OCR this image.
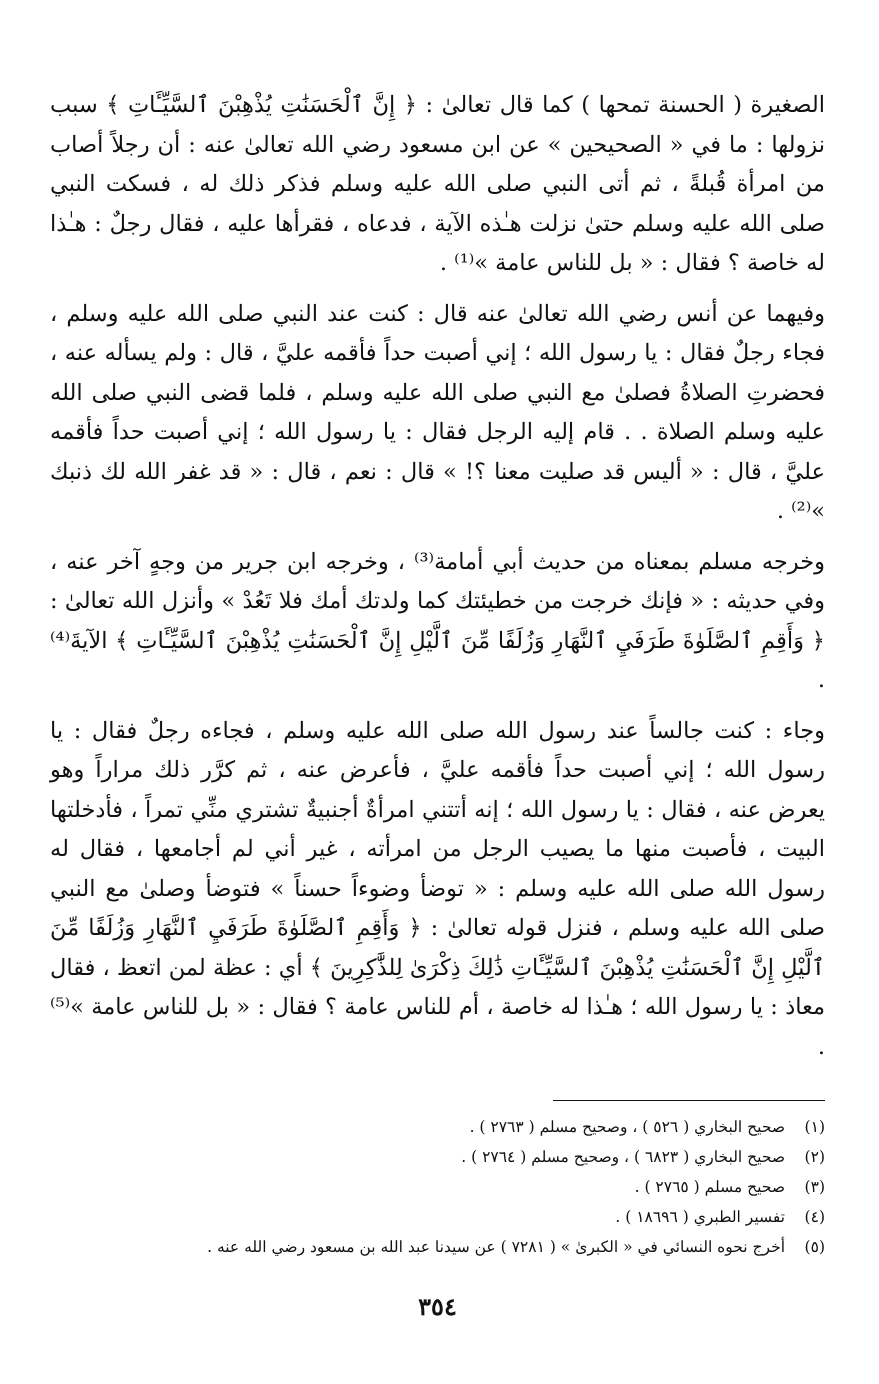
الصغيرة ( الحسنة تمحها ) كما قال تعالىٰ : ﴿ إِنَّ ٱلْحَسَنَٰتِ يُذْهِبْنَ ٱلسَّيِّـَٔاتِ ﴾ سبب نزولها : ما في « الصحيحين » عن ابن مسعود رضي الله تعالىٰ عنه : أن رجلاً أصاب من امرأة قُبلةً ، ثم أتى النبي صلى الله عليه وسلم فذكر ذلك له ، فسكت النبي صلى الله عليه وسلم حتىٰ نزلت هـٰذه الآية ، فدعاه ، فقرأها عليه ، فقال رجلٌ : هـٰذا له خاصة ؟ فقال : « بل للناس عامة »⁽¹⁾ .

وفيهما عن أنس رضي الله تعالىٰ عنه قال : كنت عند النبي صلى الله عليه وسلم ، فجاء رجلٌ فقال : يا رسول الله ؛ إني أصبت حداً فأقمه عليَّ ، قال : ولم يسأله عنه ، فحضرتِ الصلاةُ فصلىٰ مع النبي صلى الله عليه وسلم ، فلما قضى النبي صلى الله عليه وسلم الصلاة . . قام إليه الرجل فقال : يا رسول الله ؛ إني أصبت حداً فأقمه عليَّ ، قال : « أليس قد صليت معنا ؟! » قال : نعم ، قال : « قد غفر الله لك ذنبك »⁽²⁾ .

وخرجه مسلم بمعناه من حديث أبي أمامة⁽³⁾ ، وخرجه ابن جرير من وجهٍ آخر عنه ، وفي حديثه : « فإنك خرجت من خطيئتك كما ولدتك أمك فلا تَعُدْ » وأنزل الله تعالىٰ : ﴿ وَأَقِمِ ٱلصَّلَوٰةَ طَرَفَيِ ٱلنَّهَارِ وَزُلَفًا مِّنَ ٱلَّيْلِ إِنَّ ٱلْحَسَنَٰتِ يُذْهِبْنَ ٱلسَّيِّـَٔاتِ ﴾ الآيةَ⁽⁴⁾ .

وجاء : كنت جالساً عند رسول الله صلى الله عليه وسلم ، فجاءه رجلٌ فقال : يا رسول الله ؛ إني أصبت حداً فأقمه عليَّ ، فأعرض عنه ، ثم كرَّر ذلك مراراً وهو يعرض عنه ، فقال : يا رسول الله ؛ إنه أتتني امرأةٌ أجنبيةٌ تشتري منِّي تمراً ، فأدخلتها البيت ، فأصبت منها ما يصيب الرجل من امرأته ، غير أني لم أجامعها ، فقال له رسول الله صلى الله عليه وسلم : « توضأ وضوءاً حسناً » فتوضأ وصلىٰ مع النبي صلى الله عليه وسلم ، فنزل قوله تعالىٰ : ﴿ وَأَقِمِ ٱلصَّلَوٰةَ طَرَفَيِ ٱلنَّهَارِ وَزُلَفًا مِّنَ ٱلَّيْلِ إِنَّ ٱلْحَسَنَٰتِ يُذْهِبْنَ ٱلسَّيِّـَٔاتِ ذَٰلِكَ ذِكْرَىٰ لِلذَّٰكِرِينَ ﴾ أي : عظة لمن اتعظ ، فقال معاذ : يا رسول الله ؛ هـٰذا له خاصة ، أم للناس عامة ؟ فقال : « بل للناس عامة »⁽⁵⁾ .

(١)صحيح البخاري ( ٥٢٦ ) ، وصحيح مسلم ( ٢٧٦٣ ) .
(٢)صحيح البخاري ( ٦٨٢٣ ) ، وصحيح مسلم ( ٢٧٦٤ ) .
(٣)صحيح مسلم ( ٢٧٦٥ ) .
(٤)تفسير الطبري ( ١٨٦٩٦ ) .
(٥)أخرج نحوه النسائي في « الكبرىٰ » ( ٧٢٨١ ) عن سيدنا عبد الله بن مسعود رضي الله عنه .
٣٥٤
